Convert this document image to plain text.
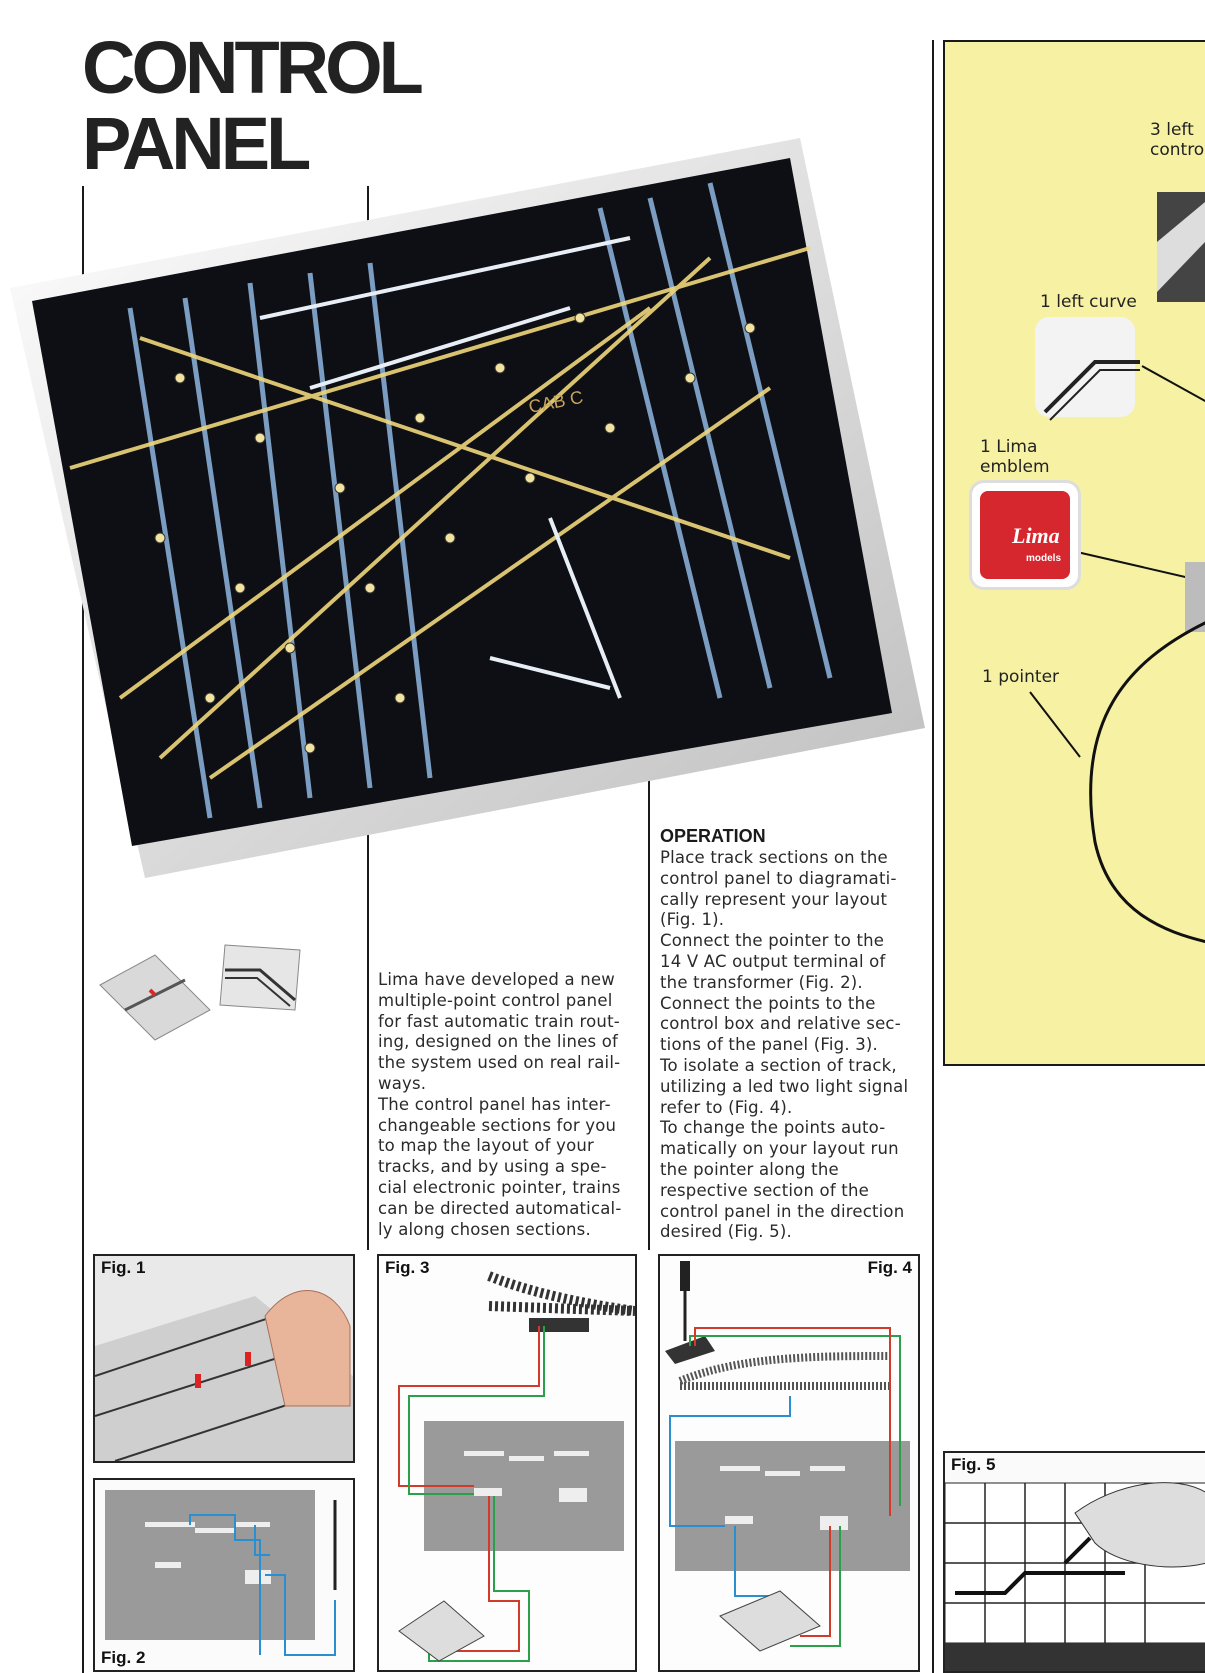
CONTROL
PANEL
CAB C
Lima have developed a new
multiple-point control panel
for fast automatic train rout-
ing, designed on the lines of
the system used on real rail-
ways.
The control panel has inter-
changeable sections for you
to map the layout of your
tracks, and by using a spe-
cial electronic pointer, trains
can be directed automatical-
ly along chosen sections.
OPERATION
Place track sections on the
control panel to diagramati-
cally represent your layout
(Fig. 1).
Connect the pointer to the
14 V AC output terminal of
the transformer (Fig. 2).
Connect the points to the
control box and relative sec-
tions of the panel (Fig. 3).
To isolate a section of track,
utilizing a led two light signal
refer to (Fig. 4).
To change the points auto-
matically on your layout run
the pointer along the
respective section of the
control panel in the direction
desired (Fig. 5).
Fig. 1
Fig. 2
Fig. 3	Fig. 4
3 left
contro
1 left curve
1 Lima
emblem
Lima
models
1 pointer
Fig. 5
